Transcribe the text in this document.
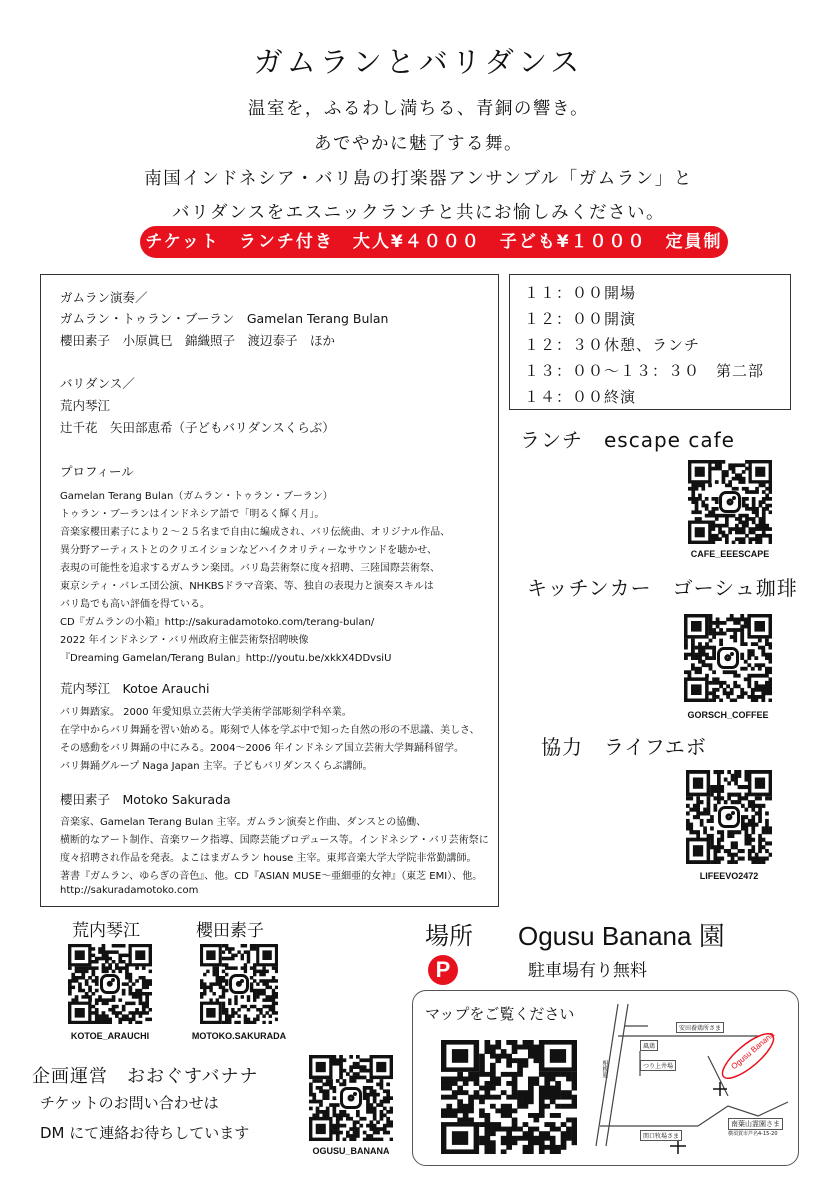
ガムランとバリダンス
温室を，ふるわし満ちる、青銅の響き。
あでやかに魅了する舞。
南国インドネシア・バリ島の打楽器アンサンブル「ガムラン」と
バリダンスをエスニックランチと共にお愉しみください。
チケット　ランチ付き　大人¥４０００　子ども¥１０００　定員制
ガムラン演奏／
ガムラン・トゥラン・ブーラン　Gamelan Terang Bulan
櫻田素子　小原眞巳　錦織照子　渡辺泰子　ほか
バリダンス／
荒内琴江
辻千花　矢田部恵希（子どもバリダンスくらぶ）
プロフィール
Gamelan Terang Bulan（ガムラン・トゥラン・ブーラン）
トゥラン・ブーランはインドネシア語で「明るく輝く月」。
音楽家櫻田素子により２〜２５名まで自由に編成され、バリ伝統曲、オリジナル作品、
異分野アーティストとのクリエイションなどハイクオリティーなサウンドを聴かせ、
表現の可能性を追求するガムラン楽団。バリ島芸術祭に度々招聘、三陸国際芸術祭、
東京シティ・バレエ団公演、NHKBSドラマ音楽、等、独自の表現力と演奏スキルは
バリ島でも高い評価を得ている。
CD『ガムランの小箱』http://sakuradamotoko.com/terang-bulan/
2022 年インドネシア・バリ州政府主催芸術祭招聘映像
『Dreaming Gamelan/Terang Bulan」http://youtu.be/xkkX4DDvsiU
荒内琴江　Kotoe Arauchi
バリ舞踏家。 2000 年愛知県立芸術大学美術学部彫刻学科卒業。
在学中からバリ舞踊を習い始める。彫刻で人体を学ぶ中で知った自然の形の不思議、美しさ、
その感動をバリ舞踊の中にみる。2004〜2006 年インドネシア国立芸術大学舞踊科留学。
バリ舞踊グループ Naga Japan 主宰。子どもバリダンスくらぶ講師。
櫻田素子　Motoko Sakurada
音楽家、Gamelan Terang Bulan 主宰。ガムラン演奏と作曲、ダンスとの協働、
横断的なアート制作、音楽ワーク指導、国際芸能プロデュース等。インドネシア・バリ芸術祭に
度々招聘され作品を発表。よこはまガムラン house 主宰。東邦音楽大学大学院非常勤講師。
著書『ガムラン、ゆらぎの音色』、他。CD『ASIAN MUSE〜亜細亜的女神』（東芝 EMI）、他。
http://sakuradamotoko.com
１１：００開場
１２：００開演
１２：３０休憩、ランチ
１３：００〜１３：３０　第二部
１４：００終演
ランチ　escape cafe
CAFE_EEESCAPE
キッチンカー　ゴーシュ珈琲
GORSCH_COFFEE
協力　ライフエボ
LIFEEVO2472
荒内琴江
KOTOE_ARAUCHI
櫻田素子
MOTOKO.SAKURADA
企画運営　おおぐすバナナ
チケットのお問い合わせは
DM にて連絡お待ちしています
OGUSU_BANANA
場所
P
Ogusu Banana 園
駐車場有り無料
マップをご覧ください
Ogusu Banana
安田養鶏所さま
南葉山霊園さま
横須賀市芦名4-15-20
風鶏
つり上井場
関口牧場さま
相模原
